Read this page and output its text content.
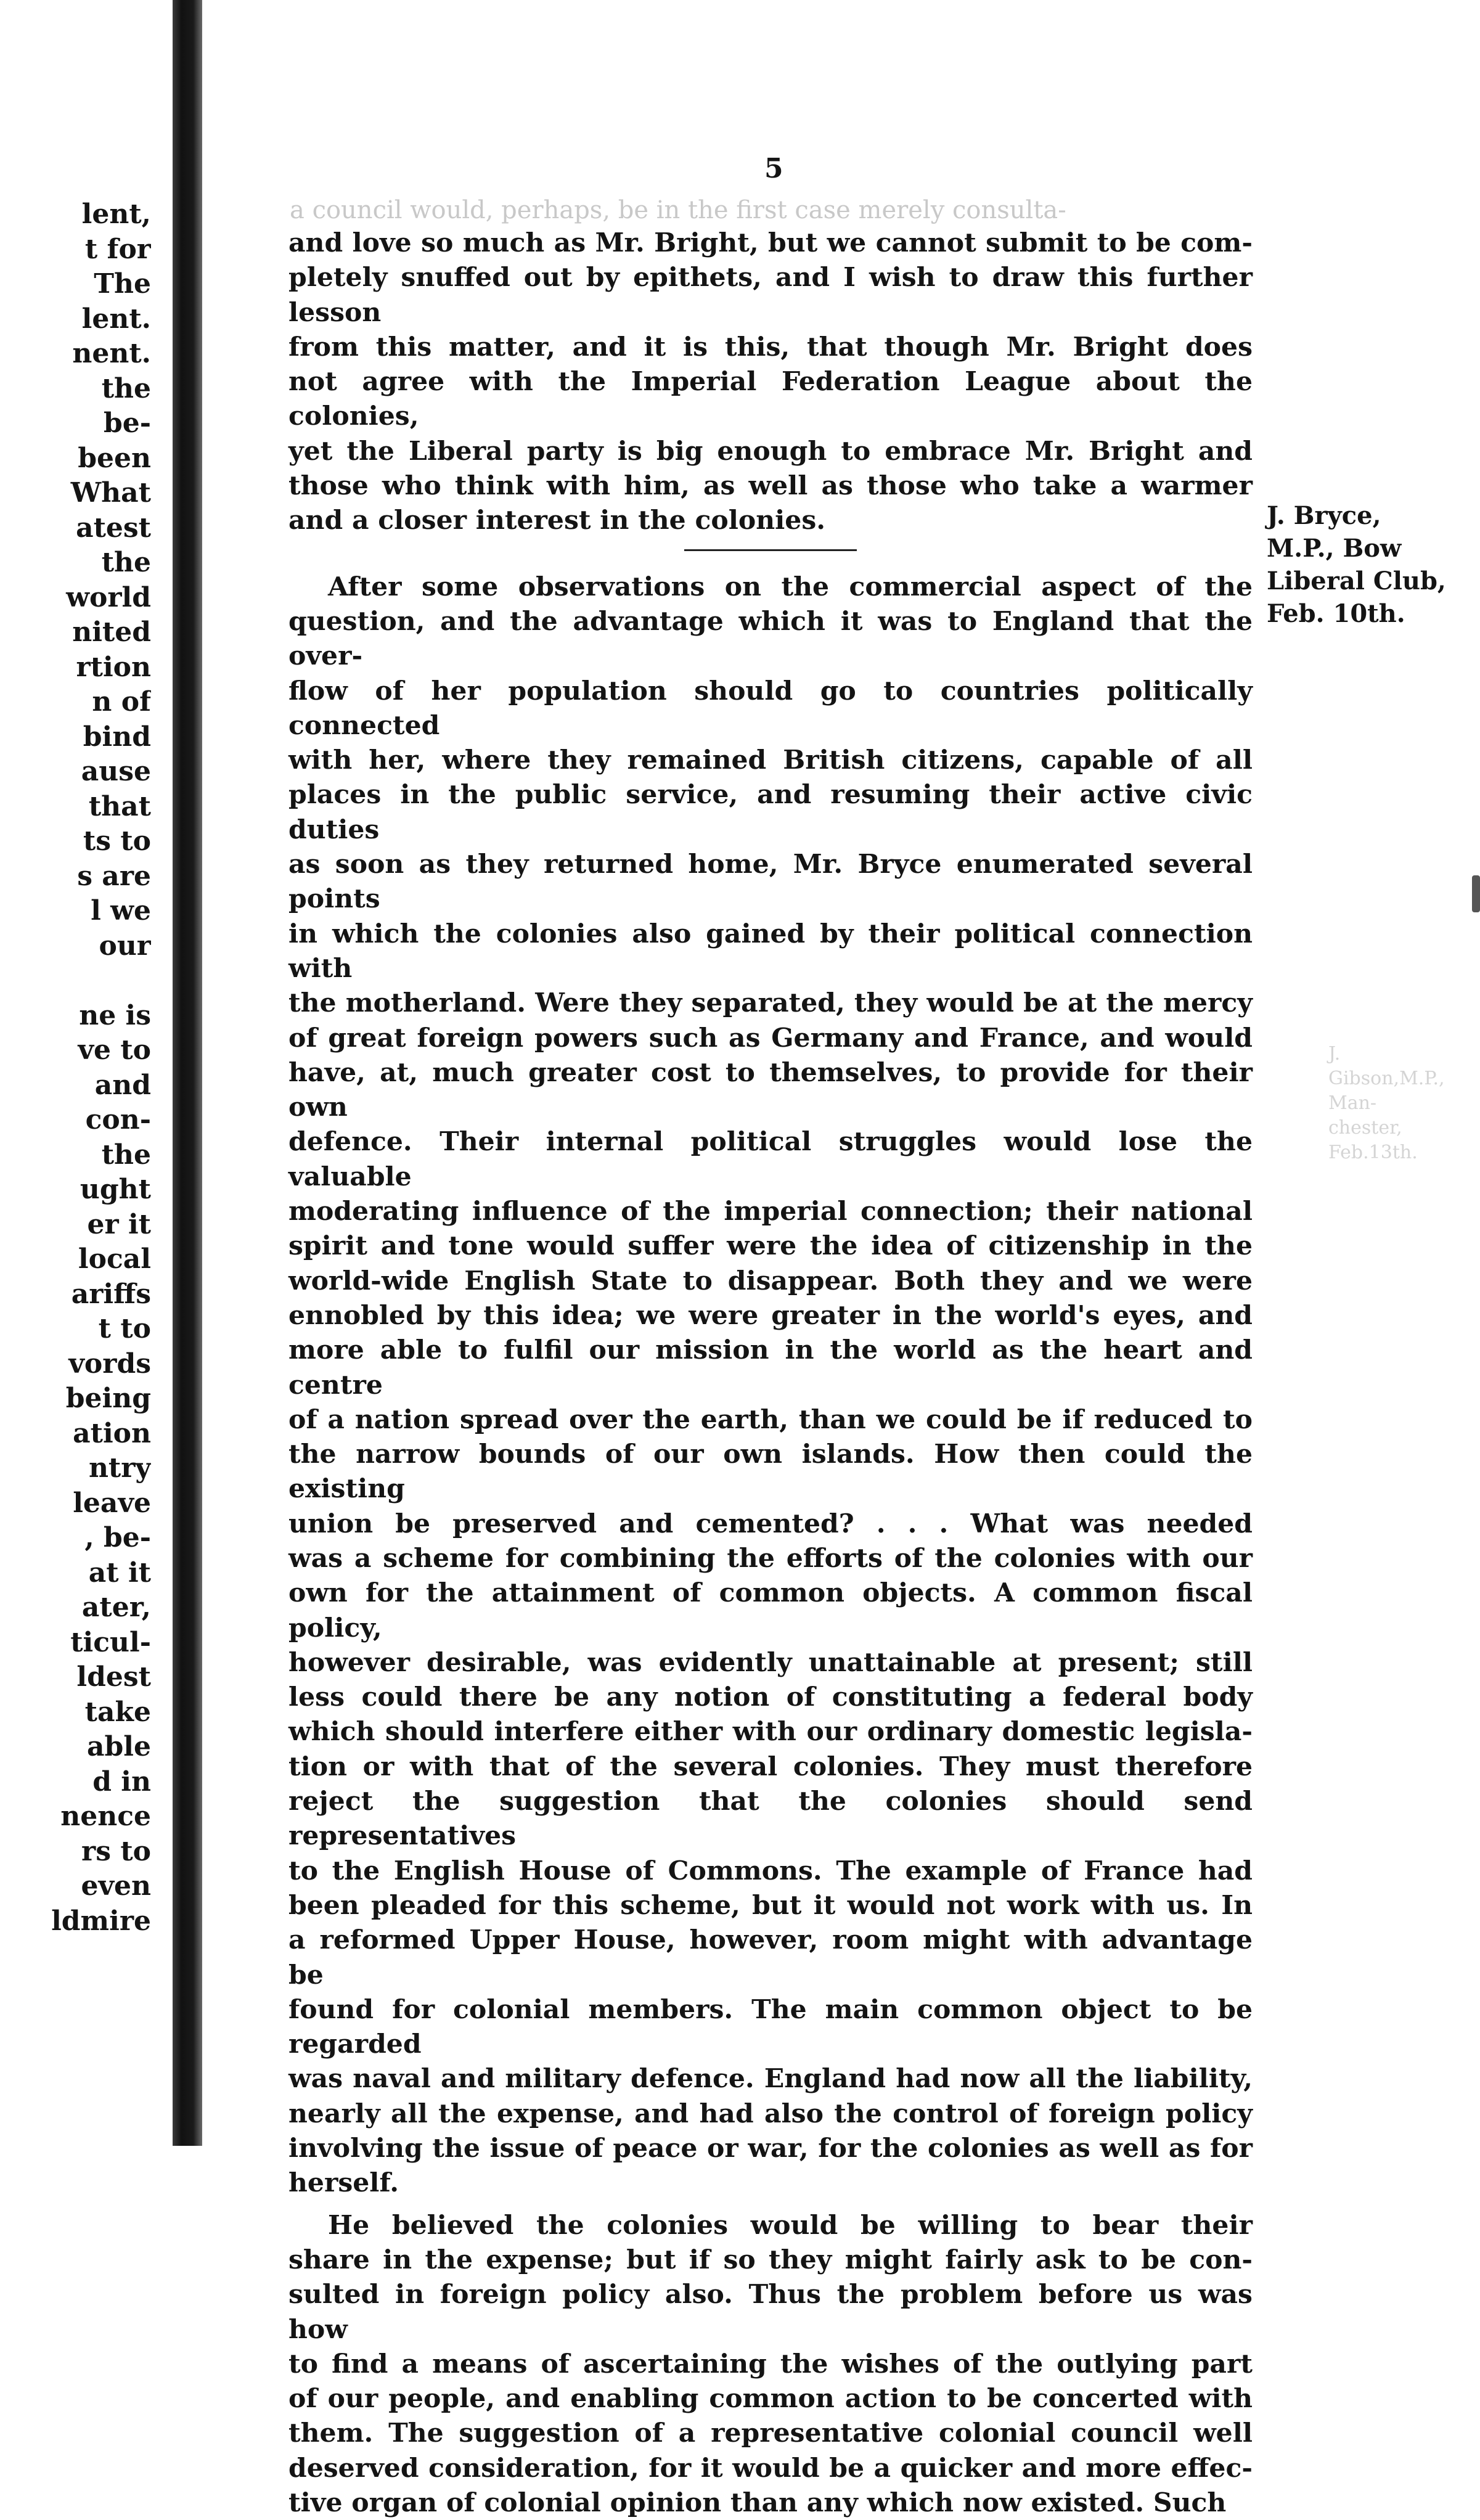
lent,
t for
The
lent.
nent.
the
be-
been
What
atest
the
world
nited
rtion
n of
bind
ause
that
ts to
s are
l we
our
ne is
ve to
and
con-
the
ught
er it
local
ariffs
t to
vords
being
ation
ntry
leave
, be-
at it
ater,
ticul-
ldest
take
able
d in
nence
rs to
even
ldmire
5
a council would, perhaps, be in the first case merely consulta-

and love so much as Mr. Bright, but we cannot submit to be com-

pletely snuffed out by epithets, and I wish to draw this further lesson

from this matter, and it is this, that though Mr. Bright does

not agree with the Imperial Federation League about the colonies,

yet the Liberal party is big enough to embrace Mr. Bright and

those who think with him, as well as those who take a warmer

and a closer interest in the colonies.

After some observations on the commercial aspect of the

question, and the advantage which it was to England that the over-

flow of her population should go to countries politically connected

with her, where they remained British citizens, capable of all

places in the public service, and resuming their active civic duties

as soon as they returned home, Mr. Bryce enumerated several points

in which the colonies also gained by their political connection with

the motherland. Were they separated, they would be at the mercy

of great foreign powers such as Germany and France, and would

have, at, much greater cost to themselves, to provide for their own

defence. Their internal political struggles would lose the valuable

moderating influence of the imperial connection; their national

spirit and tone would suffer were the idea of citizenship in the

world-wide English State to disappear. Both they and we were

ennobled by this idea; we were greater in the world's eyes, and

more able to fulfil our mission in the world as the heart and centre

of a nation spread over the earth, than we could be if reduced to

the narrow bounds of our own islands. How then could the existing

union be preserved and cemented? . . . What was needed

was a scheme for combining the efforts of the colonies with our

own for the attainment of common objects. A common fiscal policy,

however desirable, was evidently unattainable at present; still

less could there be any notion of constituting a federal body

which should interfere either with our ordinary domestic legisla-

tion or with that of the several colonies. They must therefore

reject the suggestion that the colonies should send representatives

to the English House of Commons. The example of France had

been pleaded for this scheme, but it would not work with us. In

a reformed Upper House, however, room might with advantage be

found for colonial members. The main common object to be regarded

was naval and military defence. England had now all the liability,

nearly all the expense, and had also the control of foreign policy

involving the issue of peace or war, for the colonies as well as for

herself.

He believed the colonies would be willing to bear their

share in the expense; but if so they might fairly ask to be con-

sulted in foreign policy also. Thus the problem before us was how

to find a means of ascertaining the wishes of the outlying part

of our people, and enabling common action to be concerted with

them. The suggestion of a representative colonial council well

deserved consideration, for it would be a quicker and more effec-

tive organ of colonial opinion than any which now existed. Such

J. Bryce,
M.P., Bow
Liberal Club,
Feb. 10th.
J. Gibson,M.P., Man-chester, Feb.13th.
